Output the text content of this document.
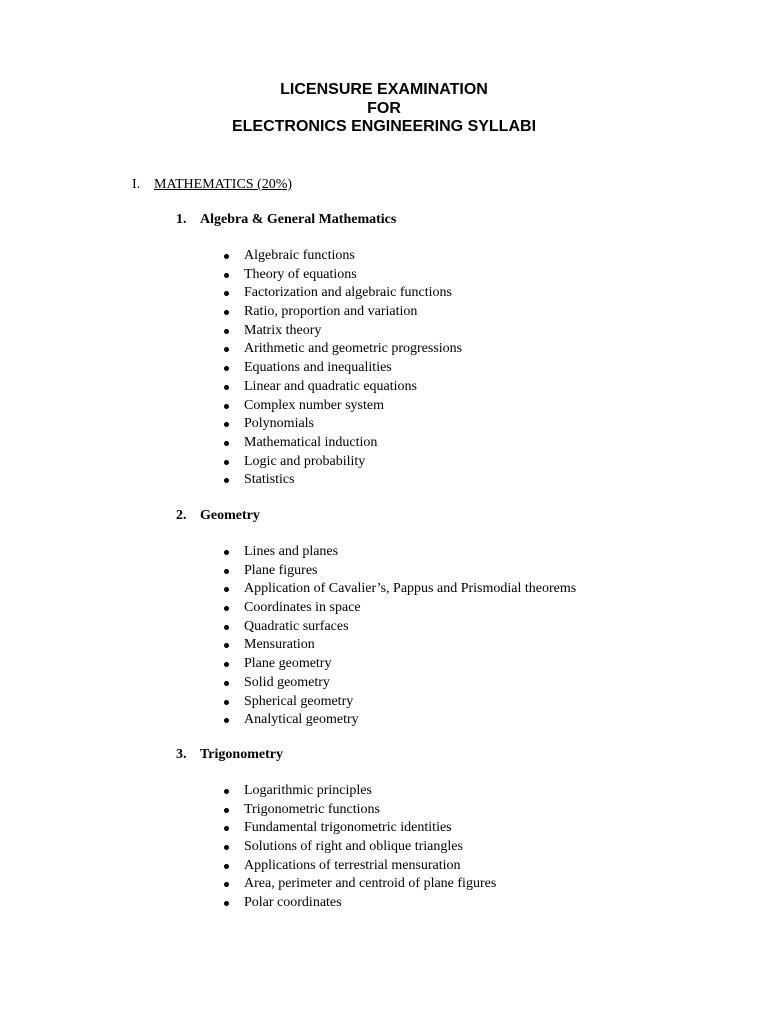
LICENSURE EXAMINATION
FOR
ELECTRONICS ENGINEERING SYLLABI
I. MATHEMATICS (20%)
1. Algebra & General Mathematics
Algebraic functions
Theory of equations
Factorization and algebraic functions
Ratio, proportion and variation
Matrix theory
Arithmetic and geometric progressions
Equations and inequalities
Linear and quadratic equations
Complex number system
Polynomials
Mathematical induction
Logic and probability
Statistics
2. Geometry
Lines and planes
Plane figures
Application of Cavalier’s, Pappus and Prismodial theorems
Coordinates in space
Quadratic surfaces
Mensuration
Plane geometry
Solid geometry
Spherical geometry
Analytical geometry
3. Trigonometry
Logarithmic principles
Trigonometric functions
Fundamental trigonometric identities
Solutions of right and oblique triangles
Applications of terrestrial mensuration
Area, perimeter and centroid of plane figures
Polar coordinates
